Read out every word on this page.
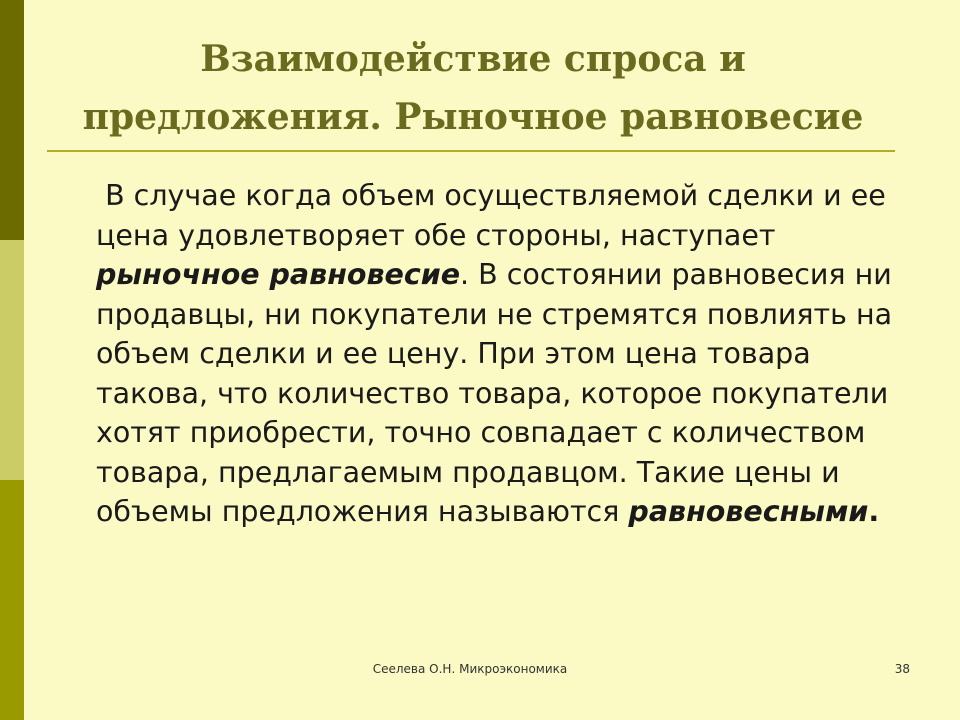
Взаимодействие спроса и
предложения. Рыночное равновесие

В случае когда объем осуществляемой сделки и ее цена удовлетворяет обе стороны, наступает рыночное равновесие. В состоянии равновесия ни продавцы, ни покупатели не стремятся повлиять на объем сделки и ее цену. При этом цена товара такова, что количество товара, которое покупатели хотят приобрести, точно совпадает с количеством товара, предлагаемым продавцом. Такие цены и объемы предложения называются равновесными.

Сеелева О.Н. Микроэкономика	38
